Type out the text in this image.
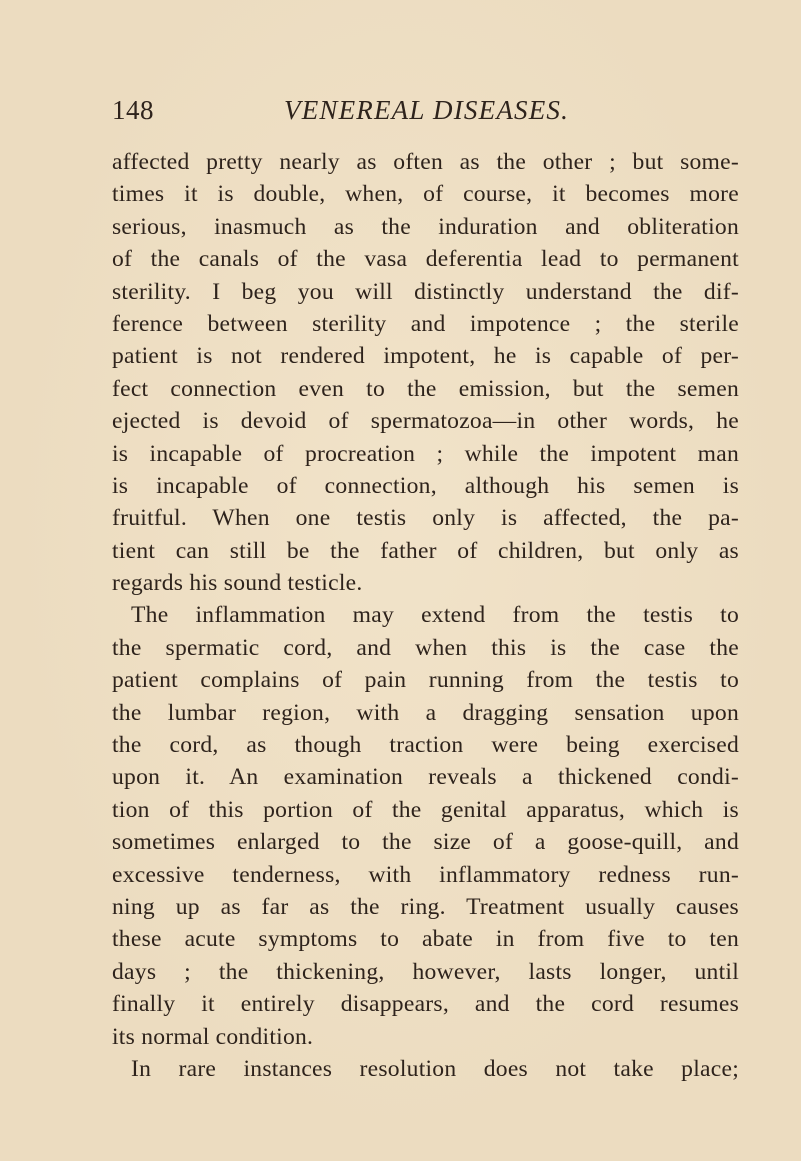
148	VENEREAL DISEASES.
affected pretty nearly as often as the other ; but some-
times it is double, when, of course, it becomes more
serious, inasmuch as the induration and obliteration
of the canals of the vasa deferentia lead to permanent
sterility. I beg you will distinctly understand the dif-
ference between sterility and impotence ; the sterile
patient is not rendered impotent, he is capable of per-
fect connection even to the emission, but the semen
ejected is devoid of spermatozoa—in other words, he
is incapable of procreation ; while the impotent man
is incapable of connection, although his semen is
fruitful. When one testis only is affected, the pa-
tient can still be the father of children, but only as
regards his sound testicle.
The inflammation may extend from the testis to
the spermatic cord, and when this is the case the
patient complains of pain running from the testis to
the lumbar region, with a dragging sensation upon
the cord, as though traction were being exercised
upon it. An examination reveals a thickened condi-
tion of this portion of the genital apparatus, which is
sometimes enlarged to the size of a goose-quill, and
excessive tenderness, with inflammatory redness run-
ning up as far as the ring. Treatment usually causes
these acute symptoms to abate in from five to ten
days ; the thickening, however, lasts longer, until
finally it entirely disappears, and the cord resumes
its normal condition.
In rare instances resolution does not take place;
